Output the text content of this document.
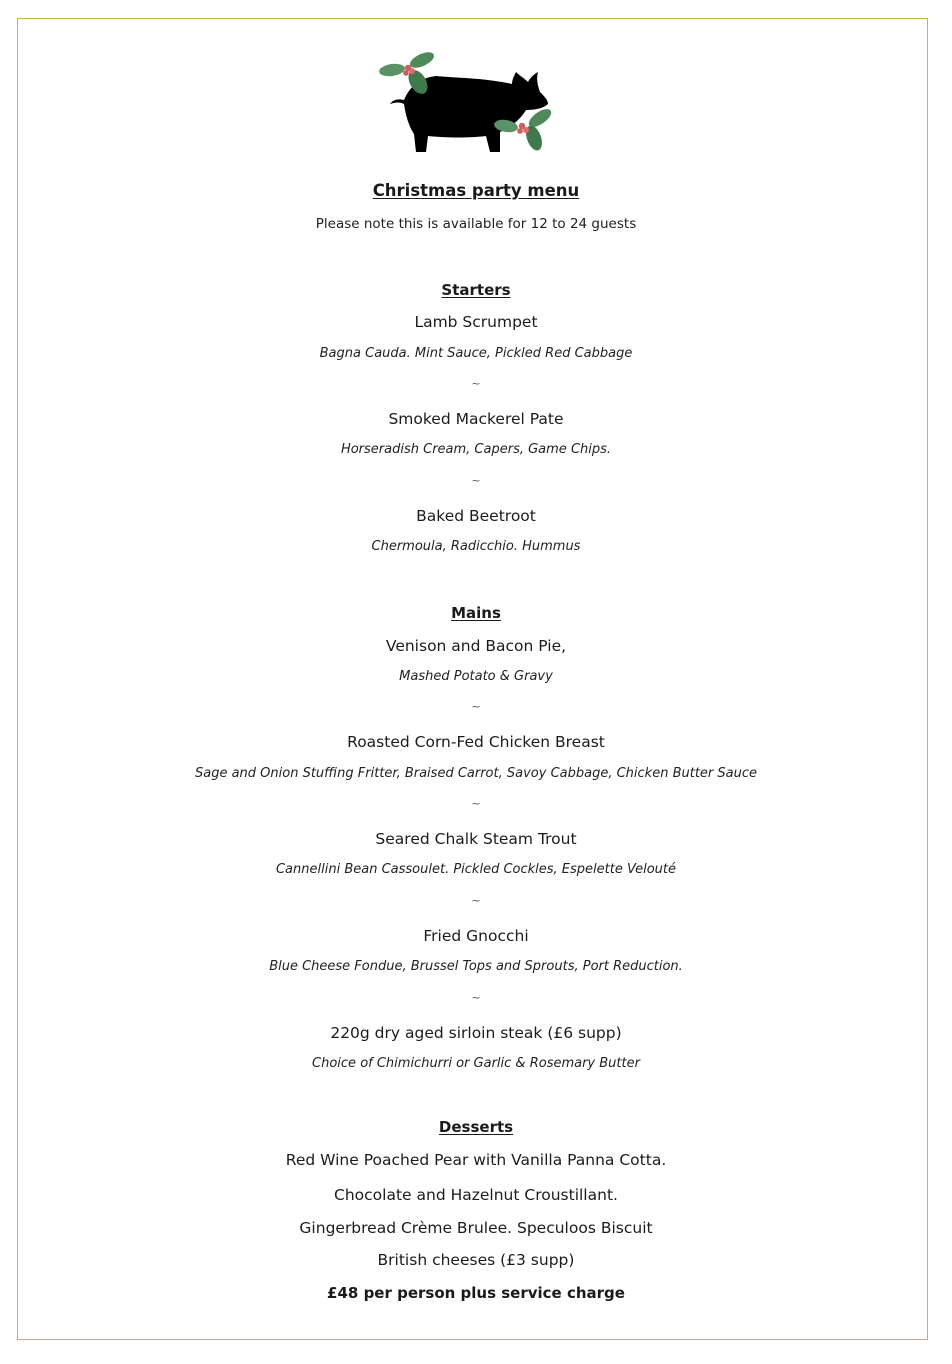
Christmas party menu
Please note this is available for 12 to 24 guests
Starters
Lamb Scrumpet
Bagna Cauda. Mint Sauce, Pickled Red Cabbage
~
Smoked Mackerel Pate
Horseradish Cream, Capers, Game Chips.
~
Baked Beetroot
Chermoula, Radicchio. Hummus
Mains
Venison and Bacon Pie,
Mashed Potato & Gravy
~
Roasted Corn-Fed Chicken Breast
Sage and Onion Stuffing Fritter, Braised Carrot, Savoy Cabbage, Chicken Butter Sauce
~
Seared Chalk Steam Trout
Cannellini Bean Cassoulet. Pickled Cockles, Espelette Velouté
~
Fried Gnocchi
Blue Cheese Fondue, Brussel Tops and Sprouts, Port Reduction.
~
220g dry aged sirloin steak (£6 supp)
Choice of Chimichurri or Garlic & Rosemary Butter
Desserts
Red Wine Poached Pear with Vanilla Panna Cotta.
Chocolate and Hazelnut Croustillant.
Gingerbread Crème Brulee. Speculoos Biscuit
British cheeses (£3 supp)
£48 per person plus service charge
